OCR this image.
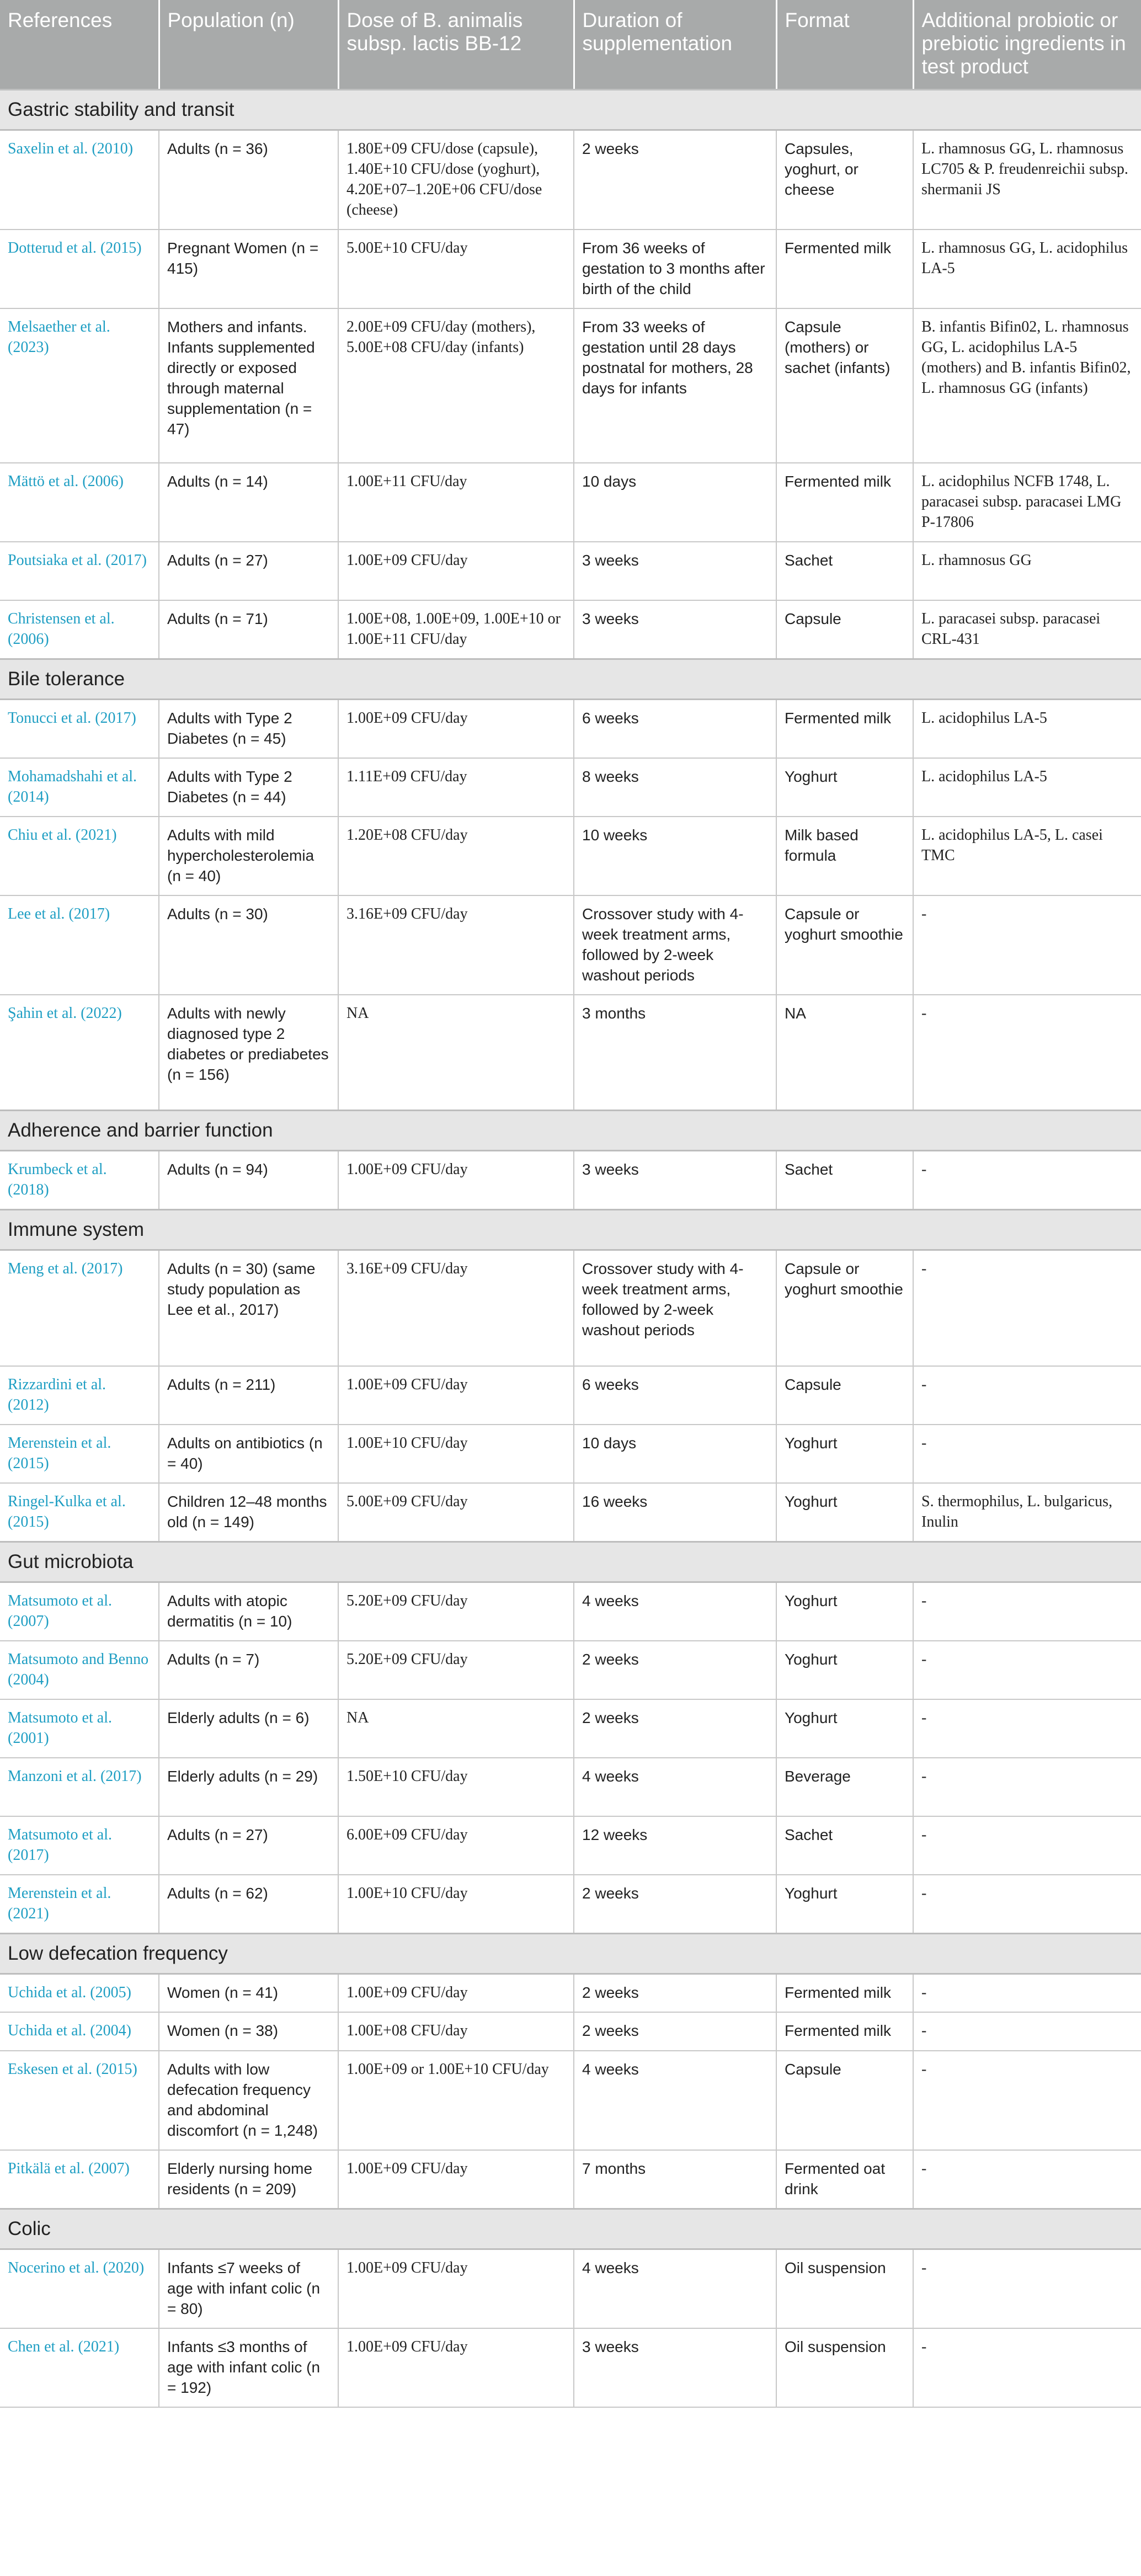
References	Population (n)	Dose of B. animalis subsp. lactis BB-12	Duration of supplementation	Format	Additional probiotic or prebiotic ingredients in test product
Gastric stability and transit					
Saxelin et al. (2010)	Adults (n = 36)	1.80E+09 CFU/dose (capsule), 1.40E+10 CFU/dose (yoghurt), 4.20E+07–1.20E+06 CFU/dose (cheese)	2 weeks	Capsules, yoghurt, or cheese	L. rhamnosus GG, L. rhamnosus LC705 & P. freudenreichii subsp. shermanii JS
Dotterud et al. (2015)	Pregnant Women (n = 415)	5.00E+10 CFU/day	From 36 weeks of gestation to 3 months after birth of the child	Fermented milk	L. rhamnosus GG, L. acidophilus LA-5
Melsaether et al. (2023)	Mothers and infants. Infants supplemented directly or exposed through maternal supplementation (n = 47)	2.00E+09 CFU/day (mothers), 5.00E+08 CFU/day (infants)	From 33 weeks of gestation until 28 days postnatal for mothers, 28 days for infants	Capsule (mothers) or sachet (infants)	B. infantis Bifin02, L. rhamnosus GG, L. acidophilus LA-5 (mothers) and B. infantis Bifin02, L. rhamnosus GG (infants)
Mättö et al. (2006)	Adults (n = 14)	1.00E+11 CFU/day	10 days	Fermented milk	L. acidophilus NCFB 1748, L. paracasei subsp. paracasei LMG P-17806
Poutsiaka et al. (2017)	Adults (n = 27)	1.00E+09 CFU/day	3 weeks	Sachet	L. rhamnosus GG
Christensen et al. (2006)	Adults (n = 71)	1.00E+08, 1.00E+09, 1.00E+10 or 1.00E+11 CFU/day	3 weeks	Capsule	L. paracasei subsp. paracasei CRL-431
Bile tolerance					
Tonucci et al. (2017)	Adults with Type 2 Diabetes (n = 45)	1.00E+09 CFU/day	6 weeks	Fermented milk	L. acidophilus LA-5
Mohamadshahi et al. (2014)	Adults with Type 2 Diabetes (n = 44)	1.11E+09 CFU/day	8 weeks	Yoghurt	L. acidophilus LA-5
Chiu et al. (2021)	Adults with mild hypercholesterolemia (n = 40)	1.20E+08 CFU/day	10 weeks	Milk based formula	L. acidophilus LA-5, L. casei TMC
Lee et al. (2017)	Adults (n = 30)	3.16E+09 CFU/day	Crossover study with 4-week treatment arms, followed by 2-week washout periods	Capsule or yoghurt smoothie	-
Şahin et al. (2022)	Adults with newly diagnosed type 2 diabetes or prediabetes (n = 156)	NA	3 months	NA	-
Adherence and barrier function					
Krumbeck et al. (2018)	Adults (n = 94)	1.00E+09 CFU/day	3 weeks	Sachet	-
Immune system					
Meng et al. (2017)	Adults (n = 30) (same study population as Lee et al., 2017)	3.16E+09 CFU/day	Crossover study with 4-week treatment arms, followed by 2-week washout periods	Capsule or yoghurt smoothie	-
Rizzardini et al. (2012)	Adults (n = 211)	1.00E+09 CFU/day	6 weeks	Capsule	-
Merenstein et al. (2015)	Adults on antibiotics (n = 40)	1.00E+10 CFU/day	10 days	Yoghurt	-
Ringel-Kulka et al. (2015)	Children 12–48 months old (n = 149)	5.00E+09 CFU/day	16 weeks	Yoghurt	S. thermophilus, L. bulgaricus, Inulin
Gut microbiota					
Matsumoto et al. (2007)	Adults with atopic dermatitis (n = 10)	5.20E+09 CFU/day	4 weeks	Yoghurt	-
Matsumoto and Benno (2004)	Adults (n = 7)	5.20E+09 CFU/day	2 weeks	Yoghurt	-
Matsumoto et al. (2001)	Elderly adults (n = 6)	NA	2 weeks	Yoghurt	-
Manzoni et al. (2017)	Elderly adults (n = 29)	1.50E+10 CFU/day	4 weeks	Beverage	-
Matsumoto et al. (2017)	Adults (n = 27)	6.00E+09 CFU/day	12 weeks	Sachet	-
Merenstein et al. (2021)	Adults (n = 62)	1.00E+10 CFU/day	2 weeks	Yoghurt	-
Low defecation frequency					
Uchida et al. (2005)	Women (n = 41)	1.00E+09 CFU/day	2 weeks	Fermented milk	-
Uchida et al. (2004)	Women (n = 38)	1.00E+08 CFU/day	2 weeks	Fermented milk	-
Eskesen et al. (2015)	Adults with low defecation frequency and abdominal discomfort (n = 1,248)	1.00E+09 or 1.00E+10 CFU/day	4 weeks	Capsule	-
Pitkälä et al. (2007)	Elderly nursing home residents (n = 209)	1.00E+09 CFU/day	7 months	Fermented oat drink	-
Colic					
Nocerino et al. (2020)	Infants ≤7 weeks of age with infant colic (n = 80)	1.00E+09 CFU/day	4 weeks	Oil suspension	-
Chen et al. (2021)	Infants ≤3 months of age with infant colic (n = 192)	1.00E+09 CFU/day	3 weeks	Oil suspension	-
